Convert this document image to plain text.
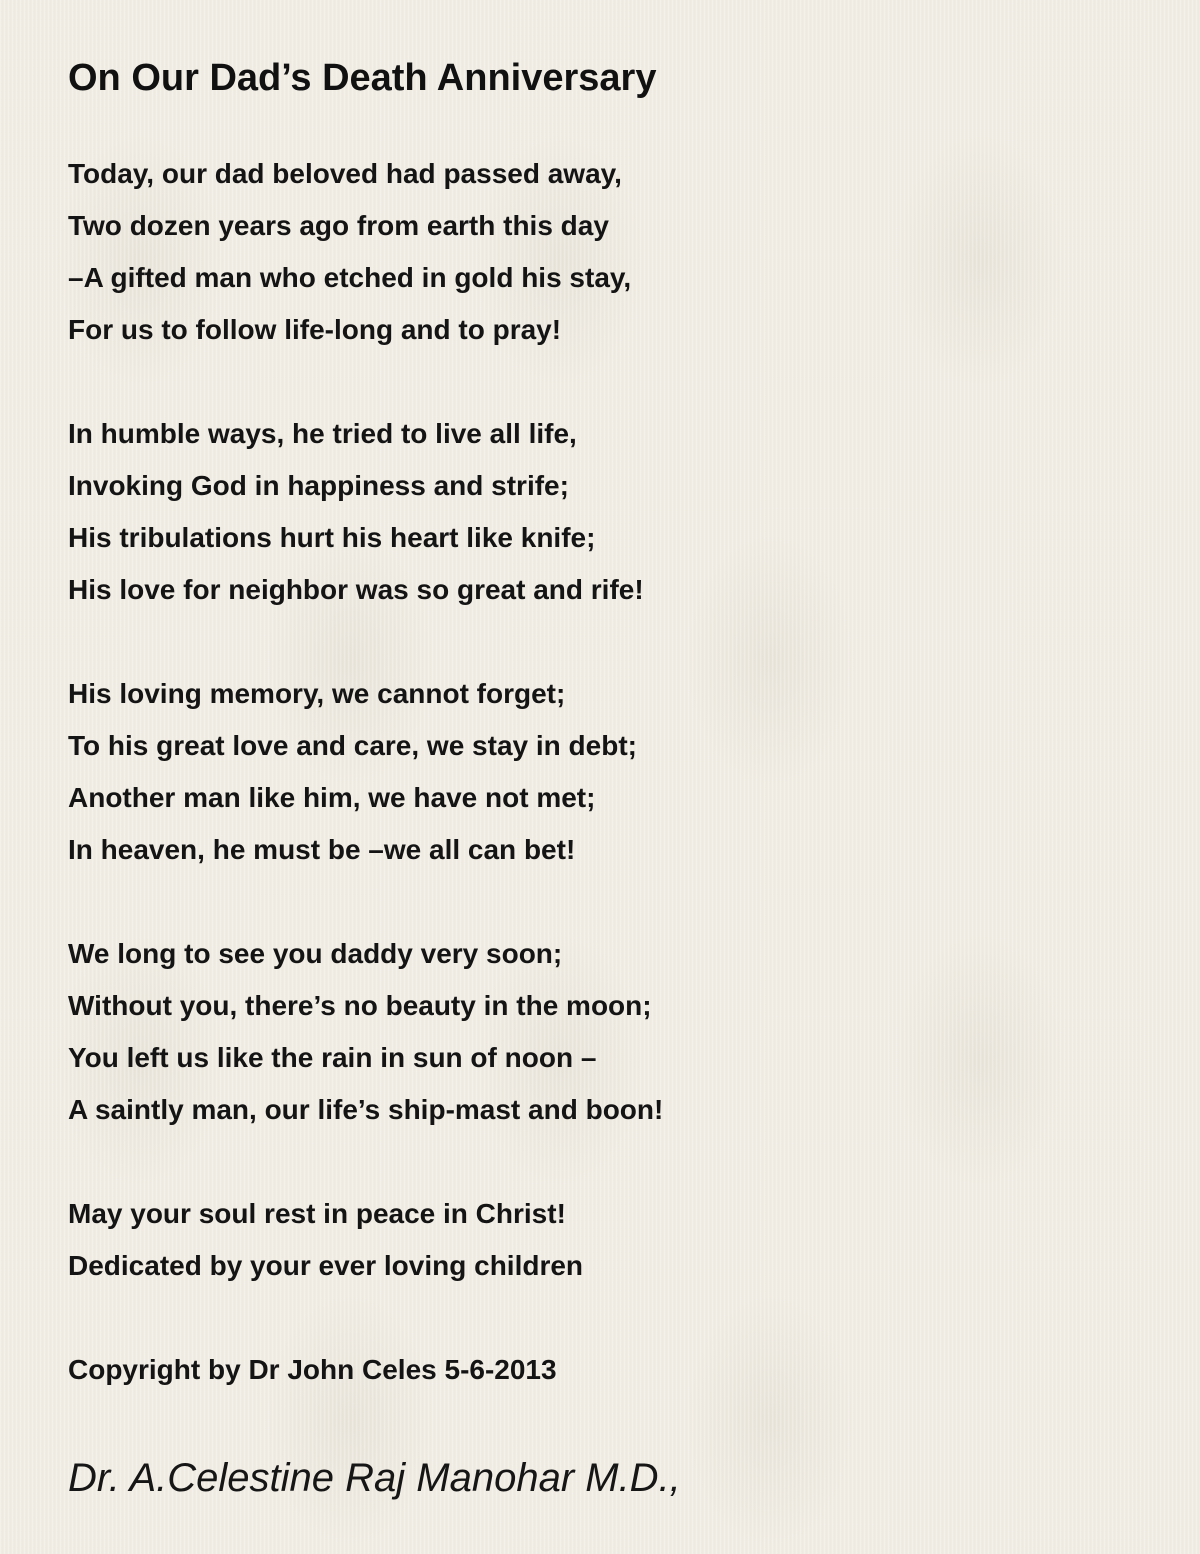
On Our Dad’s Death Anniversary
Today, our dad beloved had passed away,
Two dozen years ago from earth this day
–A gifted man who etched in gold his stay,
For us to follow life-long and to pray!
In humble ways, he tried to live all life,
Invoking God in happiness and strife;
His tribulations hurt his heart like knife;
His love for neighbor was so great and rife!
His loving memory, we cannot forget;
To his great love and care, we stay in debt;
Another man like him, we have not met;
In heaven, he must be –we all can bet!
We long to see you daddy very soon;
Without you, there’s no beauty in the moon;
You left us like the rain in sun of noon –
A saintly man, our life’s ship-mast and boon!
May your soul rest in peace in Christ!
Dedicated by your ever loving children
Copyright by Dr John Celes 5-6-2013
Dr. A.Celestine Raj Manohar M.D.,
